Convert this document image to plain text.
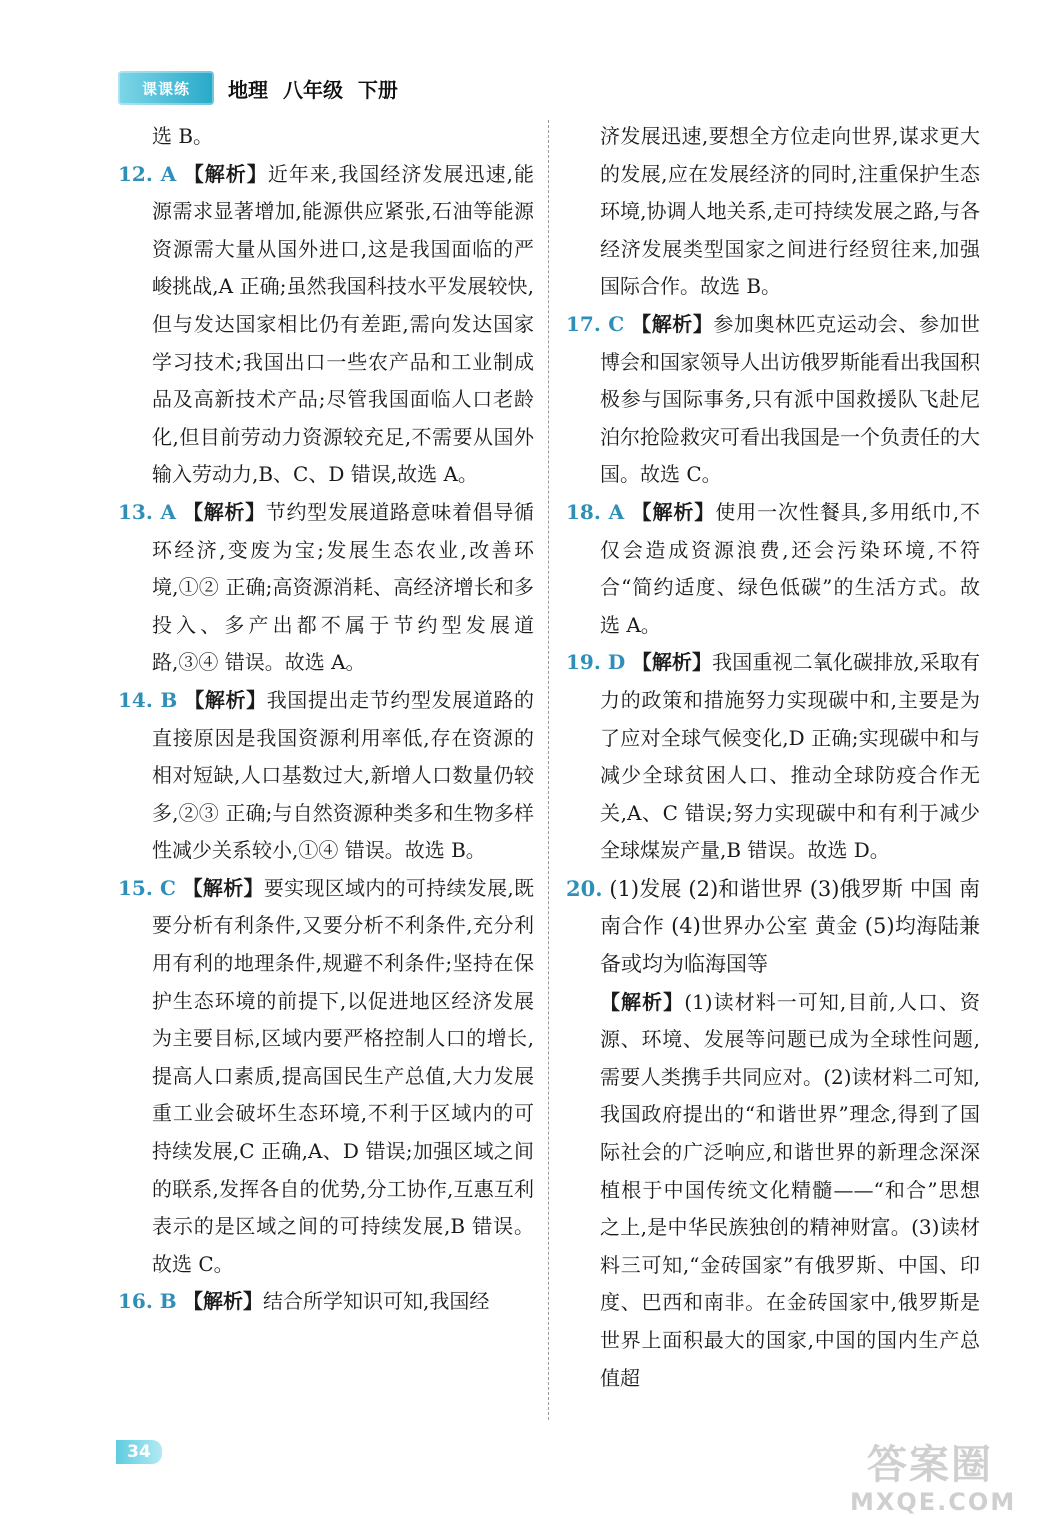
课课练	地理 八年级 下册
选 B。
12. A 【解析】近年来,我国经济发展迅速,能源需求显著增加,能源供应紧张,石油等能源资源需大量从国外进口,这是我国面临的严峻挑战,A 正确;虽然我国科技水平发展较快,但与发达国家相比仍有差距,需向发达国家学习技术;我国出口一些农产品和工业制成品及高新技术产品;尽管我国面临人口老龄化,但目前劳动力资源较充足,不需要从国外输入劳动力,B、C、D 错误,故选 A。
13. A 【解析】节约型发展道路意味着倡导循环经济,变废为宝;发展生态农业,改善环境,①② 正确;高资源消耗、高经济增长和多投入、多产出都不属于节约型发展道路,③④ 错误。故选 A。
14. B 【解析】我国提出走节约型发展道路的直接原因是我国资源利用率低,存在资源的相对短缺,人口基数过大,新增人口数量仍较多,②③ 正确;与自然资源种类多和生物多样性减少关系较小,①④ 错误。故选 B。
15. C 【解析】要实现区域内的可持续发展,既要分析有利条件,又要分析不利条件,充分利用有利的地理条件,规避不利条件;坚持在保护生态环境的前提下,以促进地区经济发展为主要目标,区域内要严格控制人口的增长,提高人口素质,提高国民生产总值,大力发展重工业会破坏生态环境,不利于区域内的可持续发展,C 正确,A、D 错误;加强区域之间的联系,发挥各自的优势,分工协作,互惠互利表示的是区域之间的可持续发展,B 错误。故选 C。
16. B 【解析】结合所学知识可知,我国经
济发展迅速,要想全方位走向世界,谋求更大的发展,应在发展经济的同时,注重保护生态环境,协调人地关系,走可持续发展之路,与各经济发展类型国家之间进行经贸往来,加强国际合作。故选 B。
17. C 【解析】参加奥林匹克运动会、参加世博会和国家领导人出访俄罗斯能看出我国积极参与国际事务,只有派中国救援队飞赴尼泊尔抢险救灾可看出我国是一个负责任的大国。故选 C。
18. A 【解析】使用一次性餐具,多用纸巾,不仅会造成资源浪费,还会污染环境,不符合“简约适度、绿色低碳”的生活方式。故选 A。
19. D 【解析】我国重视二氧化碳排放,采取有力的政策和措施努力实现碳中和,主要是为了应对全球气候变化,D 正确;实现碳中和与减少全球贫困人口、推动全球防疫合作无关,A、C 错误;努力实现碳中和有利于减少全球煤炭产量,B 错误。故选 D。
20. (1)发展 (2)和谐世界 (3)俄罗斯 中国 南南合作 (4)世界办公室 黄金 (5)均海陆兼备或均为临海国等
【解析】(1)读材料一可知,目前,人口、资源、环境、发展等问题已成为全球性问题,需要人类携手共同应对。(2)读材料二可知,我国政府提出的“和谐世界”理念,得到了国际社会的广泛响应,和谐世界的新理念深深植根于中国传统文化精髓——“和合”思想之上,是中华民族独创的精神财富。(3)读材料三可知,“金砖国家”有俄罗斯、中国、印度、巴西和南非。在金砖国家中,俄罗斯是世界上面积最大的国家,中国的国内生产总值超
34	答案圈
MXQE.COM
